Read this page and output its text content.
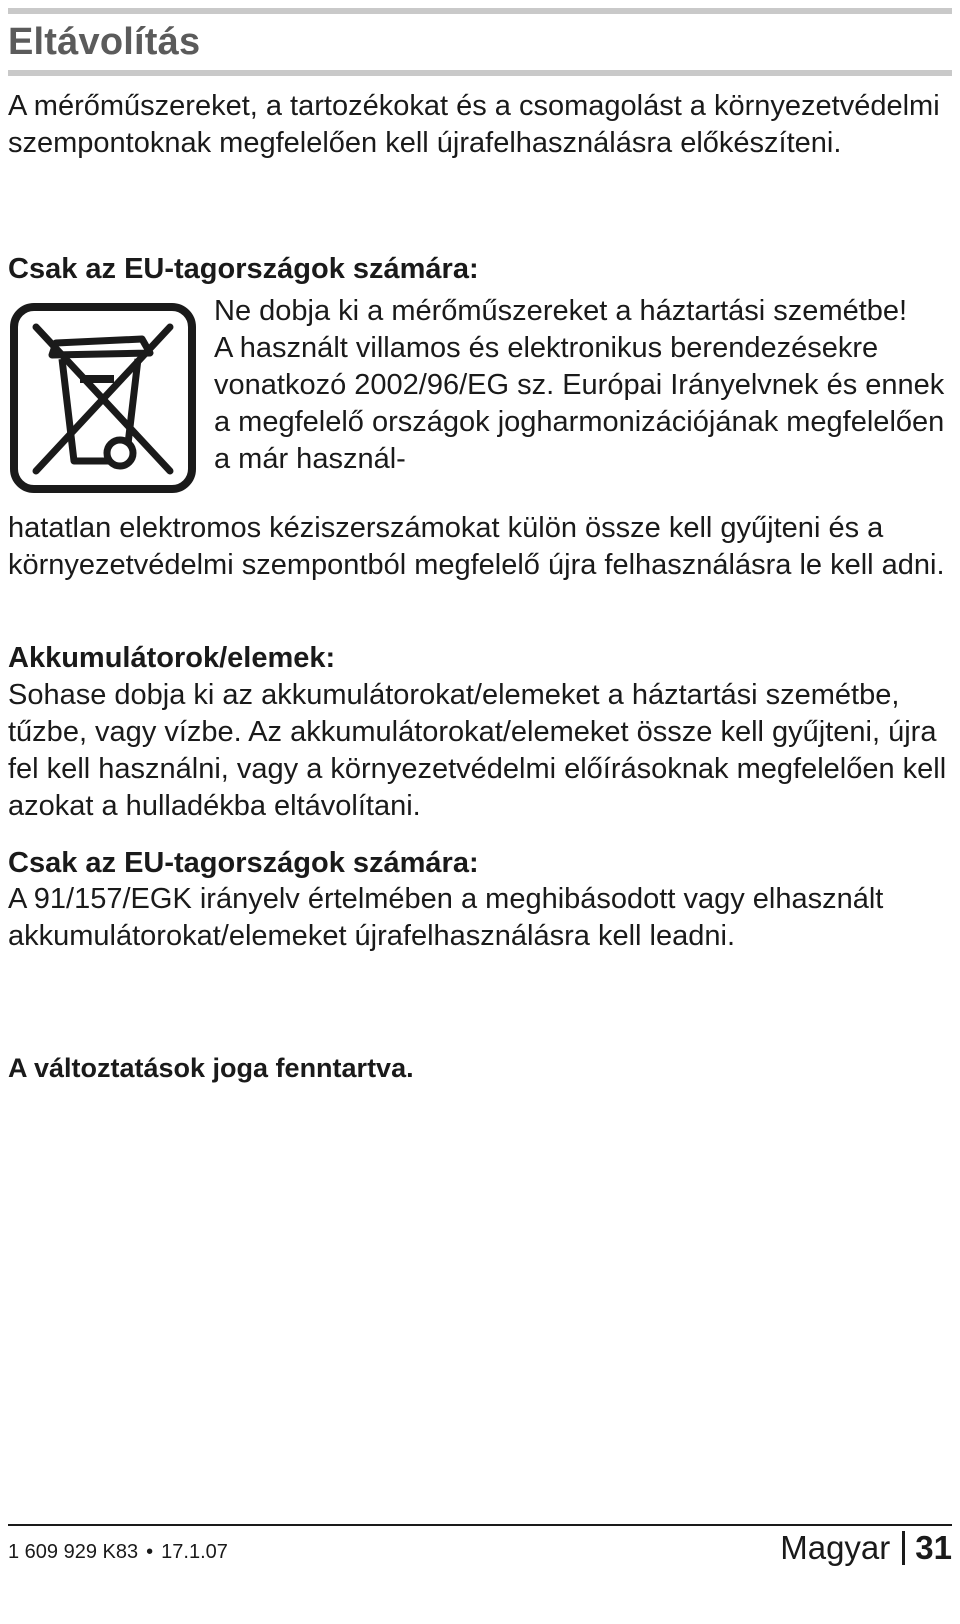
Eltávolítás

A mérőműszereket, a tartozékokat és a csomagolást a környezetvédelmi szempontoknak megfelelően kell újrafelhasználásra előkészíteni.

Csak az EU-tagországok számára:

Ne dobja ki a mérőműszereket a háztartási szemétbe!

A használt villamos és elektronikus berendezésekre vonatkozó 2002/96/EG sz. Európai Irányelvnek és ennek a megfelelő országok jogharmonizációjának megfelelően a már használ-

hatatlan elektromos kéziszerszámokat külön össze kell gyűjteni és a környezetvédelmi szempontból megfelelő újra felhasználásra le kell adni.

Akkumulátorok/elemek:

Sohase dobja ki az akkumulátorokat/elemeket a háztartási szemétbe, tűzbe, vagy vízbe. Az akkumulátorokat/elemeket össze kell gyűjteni, újra fel kell használni, vagy a környezetvédelmi előírásoknak megfelelően kell azokat a hulladékba eltávolítani.

Csak az EU-tagországok számára:

A 91/157/EGK irányelv értelmében a meghibásodott vagy elhasznált akkumulátorokat/elemeket újrafelhasználásra kell leadni.

A változtatások joga fenntartva.

1 609 929 K83 • 17.1.07	Magyar 31
